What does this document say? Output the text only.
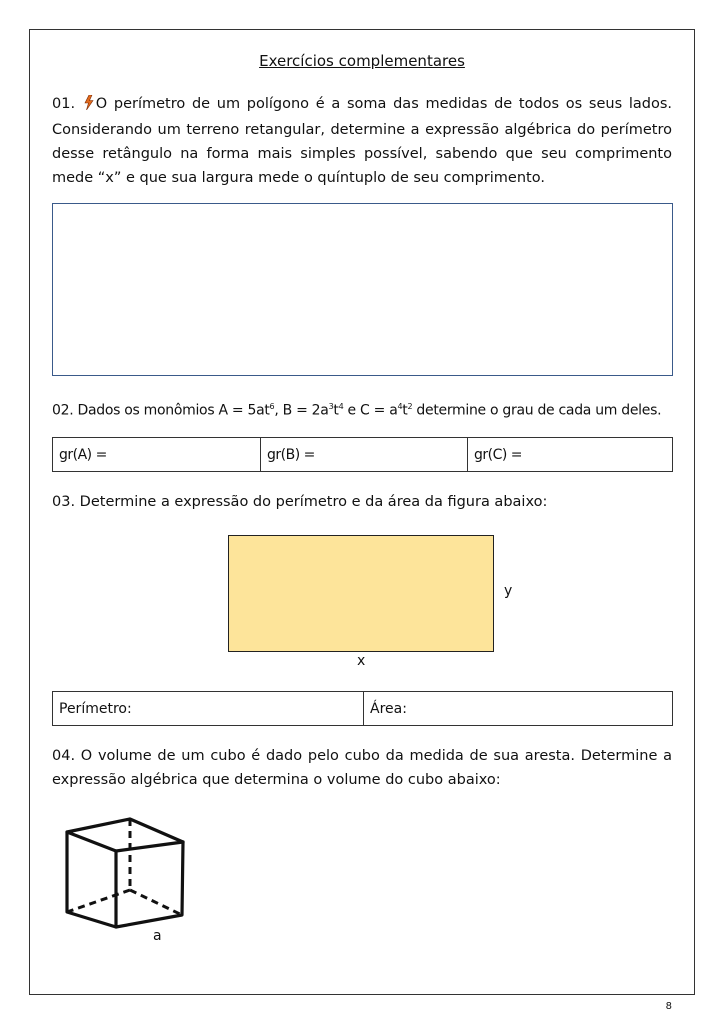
Exercícios complementares
01. O perímetro de um polígono é a soma das medidas de todos os seus lados. Considerando um terreno retangular, determine a expressão algébrica do perímetro desse retângulo na forma mais simples possível, sabendo que seu comprimento mede “x” e que sua largura mede o quíntuplo de seu comprimento.
02. Dados os monômios $A = 5at^6$, $B = 2a^3t^4$ e $C = a^4t^2$ determine o grau de cada um deles.
gr(A) =	gr(B) =	gr(C) =
03. Determine a expressão do perímetro e da área da figura abaixo:
y
x
Perímetro:	Área:
04. O volume de um cubo é dado pelo cubo da medida de sua aresta. Determine a expressão algébrica que determina o volume do cubo abaixo:
a
8
